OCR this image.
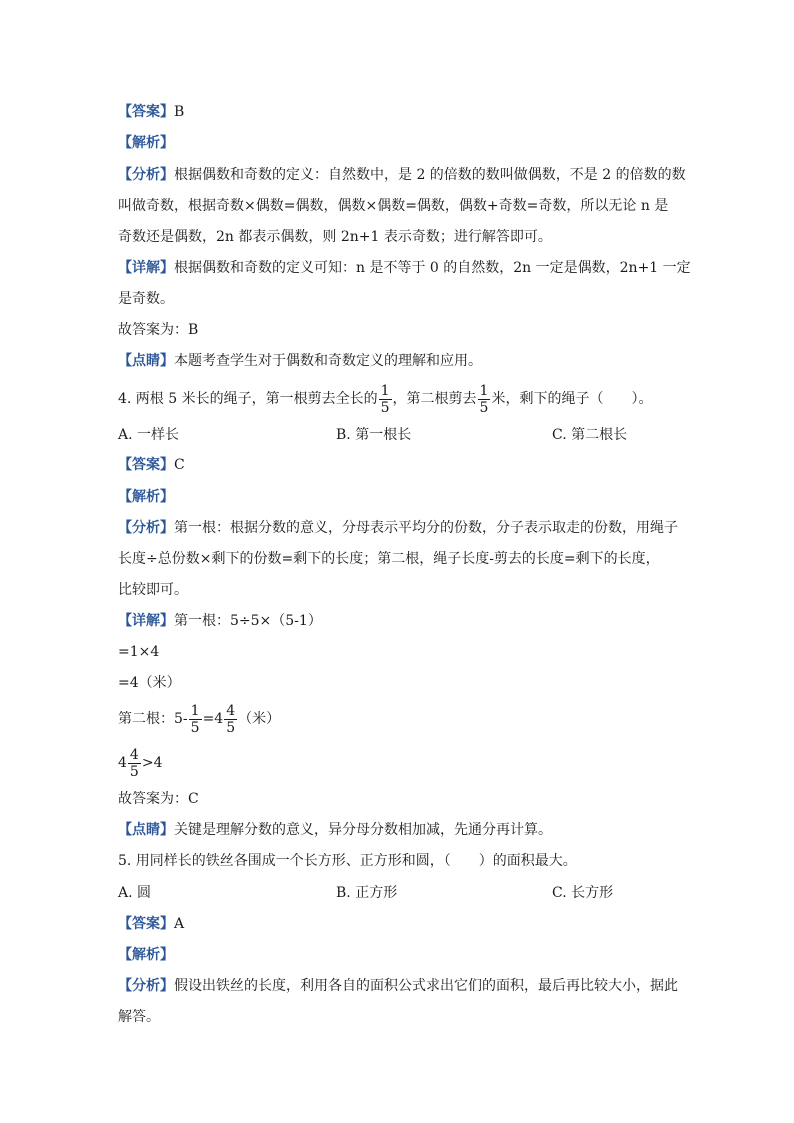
【答案】B
【解析】
【分析】根据偶数和奇数的定义：自然数中，是 2 的倍数的数叫做偶数，不是 2 的倍数的数
叫做奇数，根据奇数×偶数=偶数，偶数×偶数=偶数，偶数+奇数=奇数，所以无论 n 是
奇数还是偶数，2n 都表示偶数，则 2n+1 表示奇数；进行解答即可。
【详解】根据偶数和奇数的定义可知：n 是不等于 0 的自然数，2n 一定是偶数，2n+1 一定
是奇数。
故答案为：B
【点睛】本题考查学生对于偶数和奇数定义的理解和应用。
4. 两根 5 米长的绳子，第一根剪去全长的 $\frac{1}{5}$ ，第二根剪去 $\frac{1}{5}$ 米，剩下的绳子（　　）。
A. 一样长	B. 第一根长	C. 第二根长
【答案】C
【解析】
【分析】第一根：根据分数的意义，分母表示平均分的份数，分子表示取走的份数，用绳子
长度÷总份数×剩下的份数=剩下的长度；第二根，绳子长度-剪去的长度=剩下的长度，
比较即可。
【详解】第一根：5÷5×（5-1）
=1×4
=4（米）
第二根：$5- \frac{1}{5} =4 \frac{4}{5}$ （米）
$4 \frac{4}{5} >4$
故答案为：C
【点睛】关键是理解分数的意义，异分母分数相加减，先通分再计算。
5. 用同样长的铁丝各围成一个长方形、正方形和圆，（　　）的面积最大。
A. 圆	B. 正方形	C. 长方形
【答案】A
【解析】
【分析】假设出铁丝的长度，利用各自的面积公式求出它们的面积，最后再比较大小，据此
解答。
